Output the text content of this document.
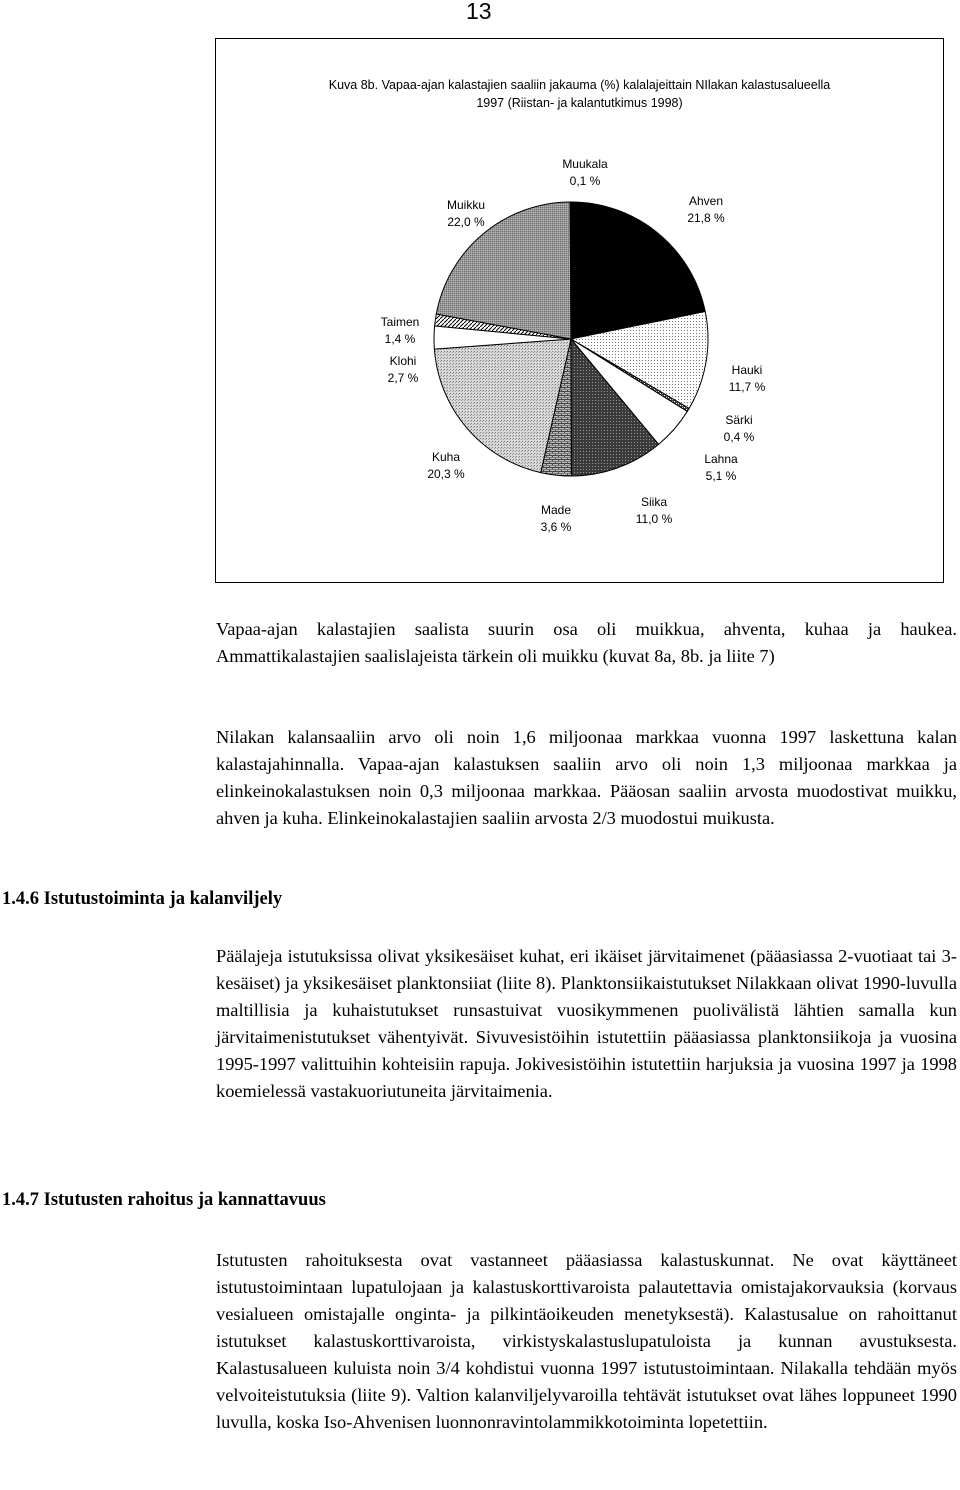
13
Kuva 8b. Vapaa-ajan kalastajien saaliin jakauma (%) kalalajeittain NIlakan kalastusalueella
1997 (Riistan- ja kalantutkimus 1998)
Ahven 21,8 %
Hauki 11,7 %
Särki 0,4 %
Lahna 5,1 %
Siika 11,0 %
Made 3,6 %
Kuha 20,3 %
Klohi 2,7 %
Taimen 1,4 %
Muikku 22,0 %
Muukala 0,1 %
Vapaa-ajan kalastajien saalista suurin osa oli muikkua, ahventa, kuhaa ja haukea. Ammattikalastajien saalislajeista tärkein oli muikku (kuvat 8a, 8b. ja liite 7)
Nilakan kalansaaliin arvo oli noin 1,6 miljoonaa markkaa vuonna 1997 laskettuna kalan kalastajahinnalla. Vapaa-ajan kalastuksen saaliin arvo oli noin 1,3 miljoonaa markkaa ja elinkeinokalastuksen noin 0,3 miljoonaa markkaa. Pääosan saaliin arvosta muodostivat muikku, ahven ja kuha. Elinkeinokalastajien saaliin arvosta 2/3 muodostui muikusta.
1.4.6 Istutustoiminta ja kalanviljely
Päälajeja istutuksissa olivat yksikesäiset kuhat, eri ikäiset järvitaimenet (pääasiassa 2-vuotiaat tai 3-kesäiset) ja yksikesäiset planktonsiiat (liite 8). Planktonsiikaistutukset Nilakkaan olivat 1990-luvulla maltillisia ja kuhaistutukset runsastuivat vuosikymmenen puolivälistä lähtien samalla kun järvitaimenistutukset vähentyivät. Sivuvesistöihin istutettiin pääasiassa planktonsiikoja ja vuosina 1995-1997 valittuihin kohteisiin rapuja. Jokivesistöihin istutettiin harjuksia ja vuosina 1997 ja 1998 koemielessä vastakuoriutuneita järvitaimenia.
1.4.7 Istutusten rahoitus ja kannattavuus
Istutusten rahoituksesta ovat vastanneet pääasiassa kalastuskunnat. Ne ovat käyttäneet istutustoimintaan lupatulojaan ja kalastuskorttivaroista palautettavia omistajakorvauksia (korvaus vesialueen omistajalle onginta- ja pilkintäoikeuden menetyksestä). Kalastusalue on rahoittanut istutukset kalastuskorttivaroista, virkistyskalastuslupatuloista ja kunnan avustuksesta. Kalastusalueen kuluista noin 3/4 kohdistui vuonna 1997 istutustoimintaan. Nilakalla tehdään myös velvoiteistutuksia (liite 9). Valtion kalanviljelyvaroilla tehtävät istutukset ovat lähes loppuneet 1990 luvulla, koska Iso-Ahvenisen luonnonravintolammikkotoiminta lopetettiin.
